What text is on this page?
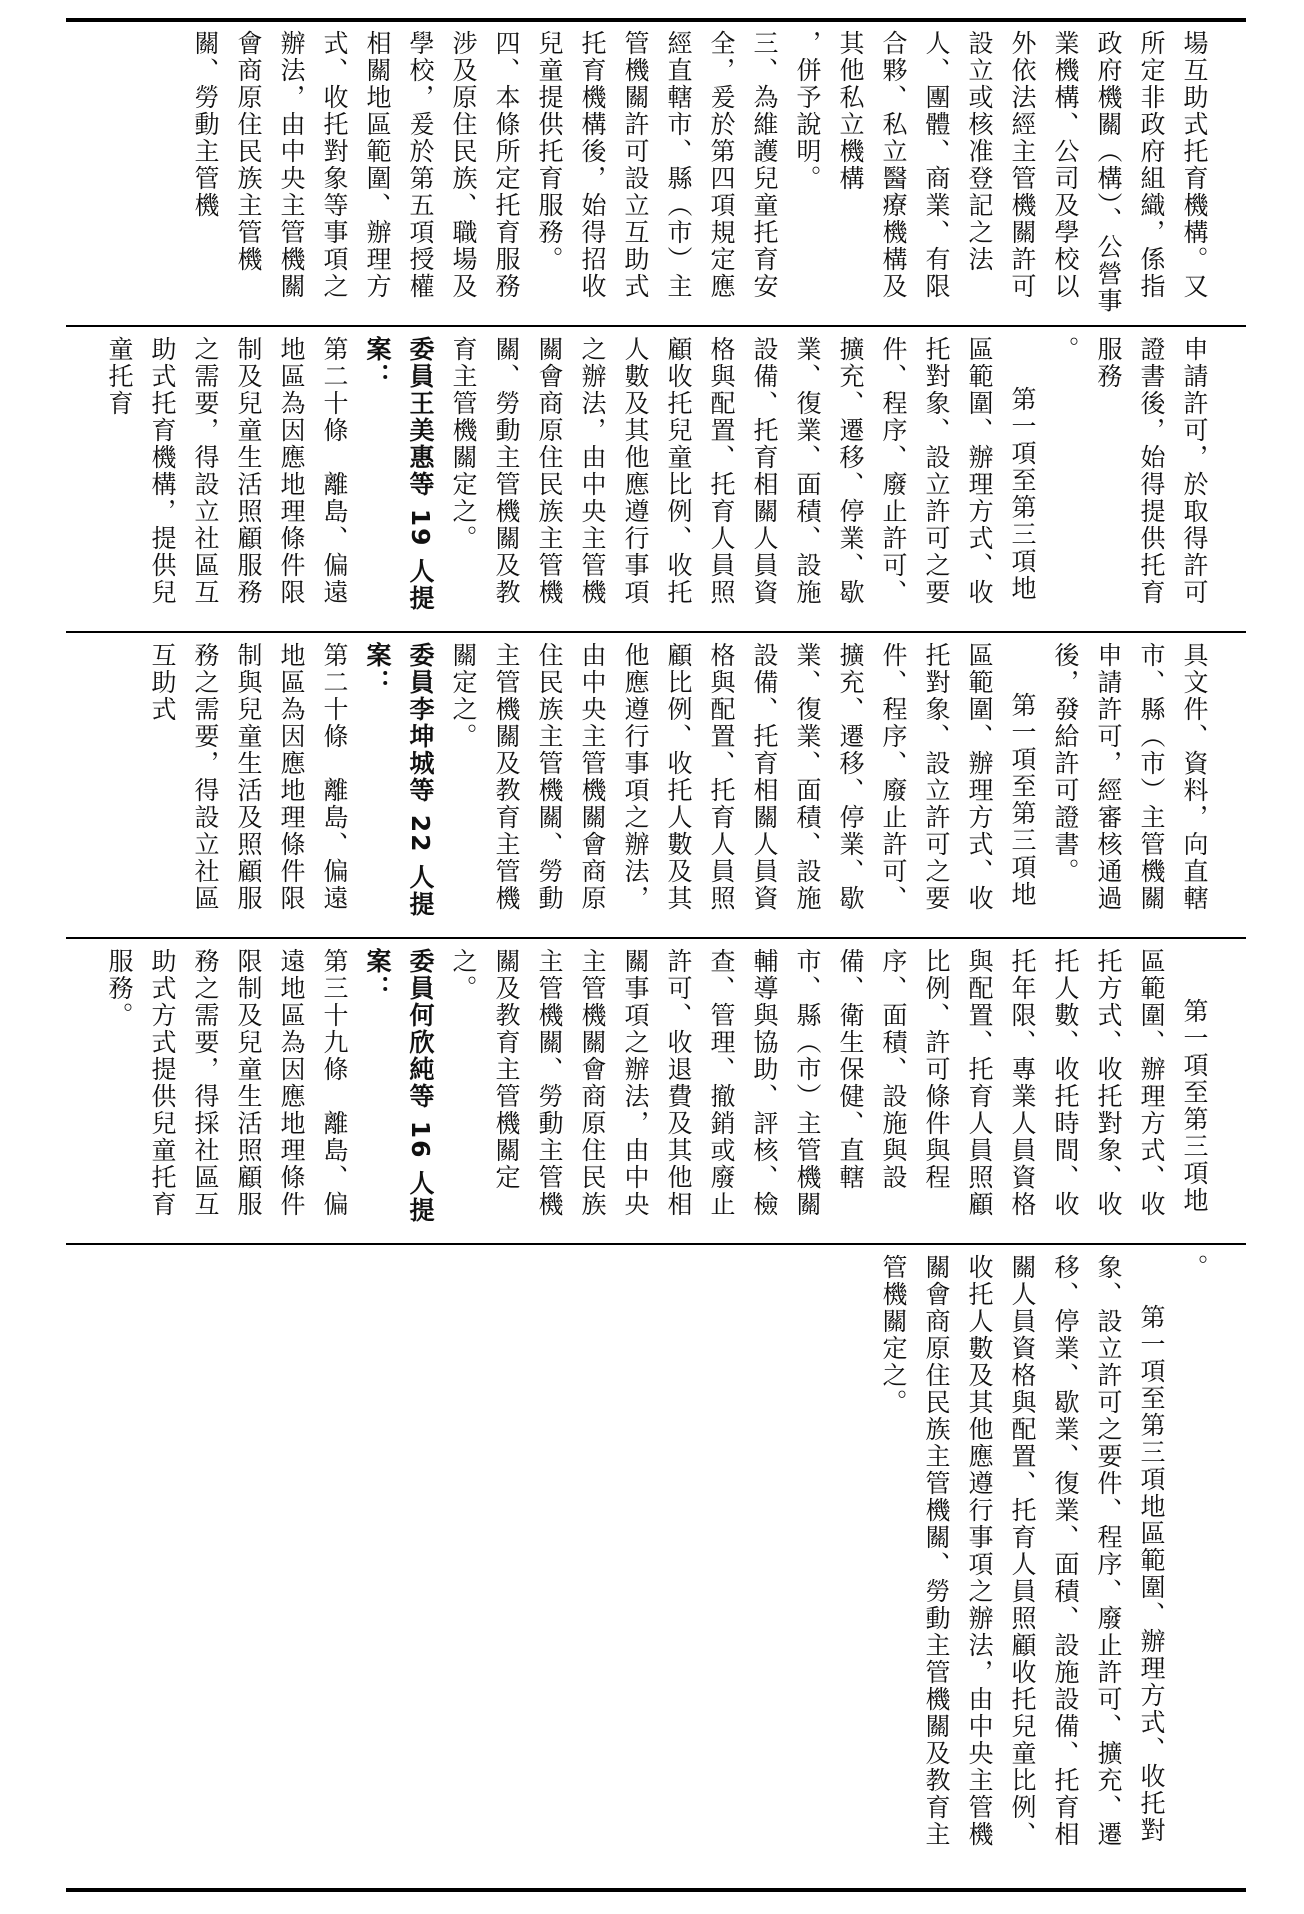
場互助式托育機構。又所定非政府組織，係指政府機關（構）、公營事業機構、公司及學校以外依法經主管機關許可設立或核准登記之法人、團體、商業、有限合夥、私立醫療機構及其他私立機構
，併予說明。
三、為維護兒童托育安全，爰於第四項規定應經直轄市、縣（市）主管機關許可設立互助式托育機構後，始得招收兒童提供托育服務。
四、本條所定托育服務涉及原住民族、職場及學校，爰於第五項授權相關地區範圍、辦理方式、收托對象等事項之辦法，由中央主管機關會商原住民族主管機關、勞動主管機
申請許可，於取得許可證書後，始得提供托育服務
。
第一項至第三項地區範圍、辦理方式、收托對象、設立許可之要件、程序、廢止許可、擴充、遷移、停業、歇業、復業、面積、設施設備、托育相關人員資格與配置、托育人員照顧收托兒童比例、收托人數及其他應遵行事項之辦法，由中央主管機關會商原住民族主管機關、勞動主管機關及教育主管機關定之。
委員王美惠等 19 人提案：
第二十條　離島、偏遠地區為因應地理條件限制及兒童生活照顧服務之需要，得設立社區互助式托育機構，提供兒童托育
具文件、資料，向直轄市、縣（市）主管機關申請許可，經審核通過後，發給許可證書。
第一項至第三項地區範圍、辦理方式、收托對象、設立許可之要件、程序、廢止許可、擴充、遷移、停業、歇業、復業、面積、設施設備、托育相關人員資格與配置、托育人員照顧比例、收托人數及其他應遵行事項之辦法，由中央主管機關會商原住民族主管機關、勞動主管機關及教育主管機關定之。
委員李坤城等 22 人提案：
第二十條　離島、偏遠地區為因應地理條件限制與兒童生活及照顧服務之需要，得設立社區互助式
第一項至第三項地區範圍、辦理方式、收托方式、收托對象、收托人數、收托時間、收托年限、專業人員資格與配置、托育人員照顧比例、許可條件與程序、面積、設施與設備、衛生保健、直轄市、縣（市）主管機關輔導與協助、評核、檢查、管理、撤銷或廢止許可、收退費及其他相關事項之辦法，由中央主管機關會商原住民族主管機關、勞動主管機關及教育主管機關定之。
委員何欣純等 16 人提案：
第三十九條　離島、偏遠地區為因應地理條件限制及兒童生活照顧服務之需要，得採社區互助式方式提供兒童托育服務。
。
第一項至第三項地區範圍、辦理方式、收托對象、設立許可之要件、程序、廢止許可、擴充、遷移、停業、歇業、復業、面積、設施設備、托育相關人員資格與配置、托育人員照顧收托兒童比例、收托人數及其他應遵行事項之辦法，由中央主管機關會商原住民族主管機關、勞動主管機關及教育主管機關定之。
